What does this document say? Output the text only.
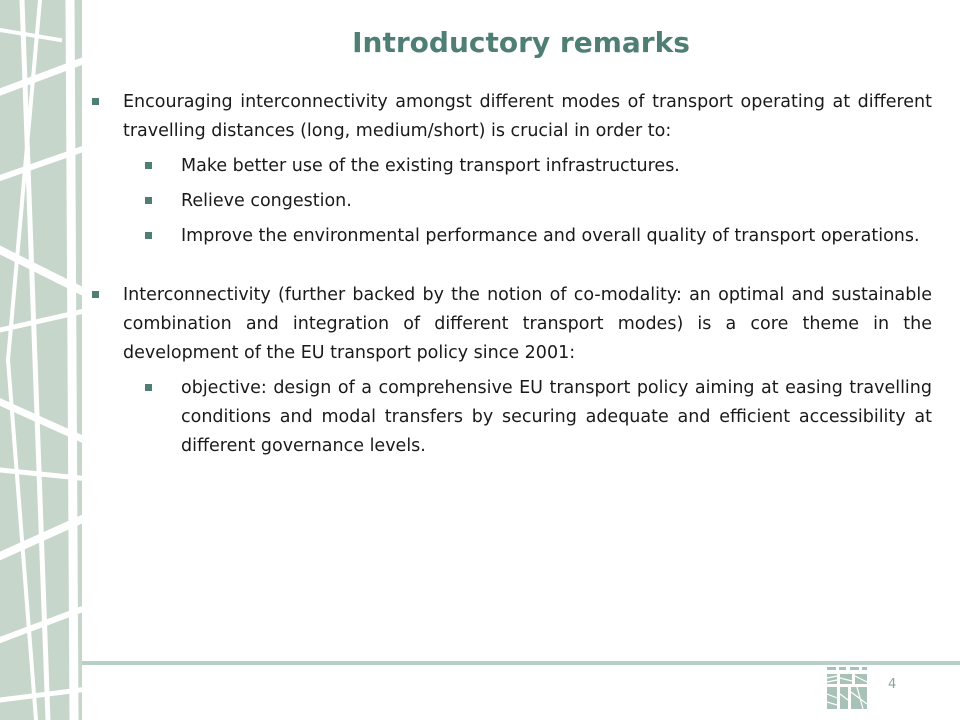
Introductory remarks
Encouraging interconnectivity amongst different modes of transport operating at different travelling distances (long, medium/short) is crucial in order to:
Make better use of the existing transport infrastructures.
Relieve congestion.
Improve the environmental performance and overall quality of transport operations.
Interconnectivity (further backed by the notion of co-modality: an optimal and sustainable combination and integration of different transport modes) is a core theme in the development of the EU transport policy since 2001:
objective: design of a comprehensive EU transport policy aiming at easing travelling conditions and modal transfers by securing adequate and efficient accessibility at different governance levels.
4
